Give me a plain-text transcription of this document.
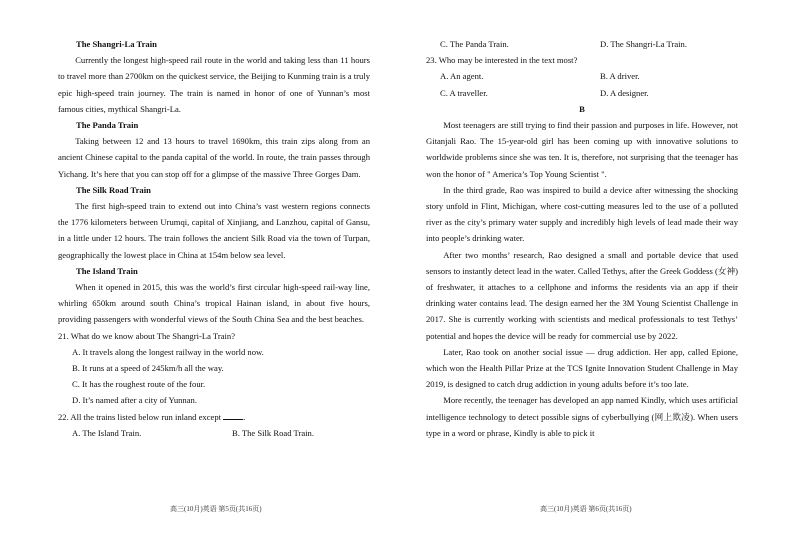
The Shangri-La Train

Currently the longest high-speed rail route in the world and taking less than 11 hours to travel more than 2700km on the quickest service, the Beijing to Kunming train is a truly epic high-speed train journey. The train is named in honor of one of Yunnan’s most famous cities, mythical Shangri-La.

The Panda Train

Taking between 12 and 13 hours to travel 1690km, this train zips along from an ancient Chinese capital to the panda capital of the world. In route, the train passes through Yichang. It’s here that you can stop off for a glimpse of the massive Three Gorges Dam.

The Silk Road Train

The first high-speed train to extend out into China’s vast western regions connects the 1776 kilometers between Urumqi, capital of Xinjiang, and Lanzhou, capital of Gansu, in a little under 12 hours. The train follows the ancient Silk Road via the town of Turpan, geographically the lowest place in China at 154m below sea level.

The Island Train

When it opened in 2015, this was the world’s first circular high-speed rail-way line, whirling 650km around south China’s tropical Hainan island, in about five hours, providing passengers with wonderful views of the South China Sea and the best beaches.

21. What do we know about The Shangri-La Train?

A. It travels along the longest railway in the world now.

B. It runs at a speed of 245km/h all the way.

C. It has the roughest route of the four.

D. It’s named after a city of Yunnan.

22. All the trains listed below run inland except	.

A. The Island Train.	B. The Silk Road Train.
C. The Panda Train.	D. The Shangri-La Train.

23. Who may be interested in the text most?

A. An agent.	B. A driver.
C. A traveller.	D. A designer.

B

Most teenagers are still trying to find their passion and purposes in life. However, not Gitanjali Rao. The 15-year-old girl has been coming up with innovative solutions to worldwide problems since she was ten. It is, therefore, not surprising that the teenager has won the honor of " America’s Top Young Scientist ".

In the third grade, Rao was inspired to build a device after witnessing the shocking story unfold in Flint, Michigan, where cost-cutting measures led to the use of a polluted river as the city’s primary water supply and incredibly high levels of lead made their way into people’s drinking water.

After two months’ research, Rao designed a small and portable device that used sensors to instantly detect lead in the water. Called Tethys, after the Greek Goddess (女神) of freshwater, it attaches to a cellphone and informs the residents via an app if their drinking water contains lead. The design earned her the 3M Young Scientist Challenge in 2017. She is currently working with scientists and medical professionals to test Tethys’ potential and hopes the device will be ready for commercial use by 2022.

Later, Rao took on another social issue — drug addiction. Her app, called Epione, which won the Health Pillar Prize at the TCS Ignite Innovation Student Challenge in May 2019, is designed to catch drug addiction in young adults before it’s too late.

More recently, the teenager has developed an app named Kindly, which uses artificial intelligence technology to detect possible signs of cyberbullying (网上欺凌). When users type in a word or phrase, Kindly is able to pick it

高三(10月)英语 第5页(共16页)	高三(10月)英语 第6页(共16页)
